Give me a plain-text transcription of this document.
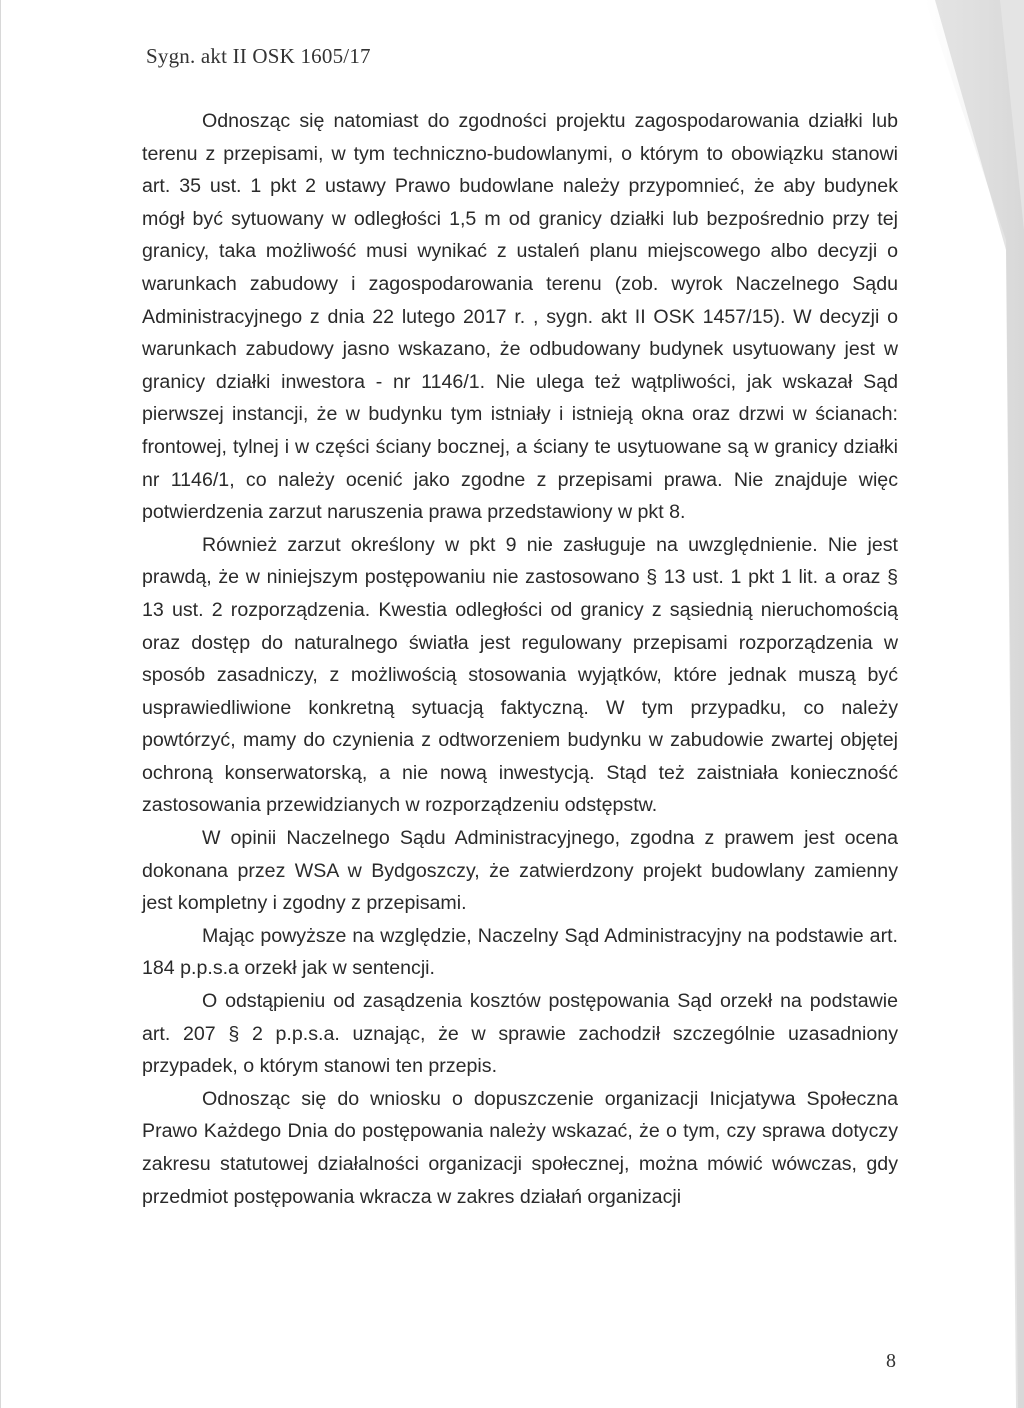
Sygn. akt II OSK 1605/17

Odnosząc się natomiast do zgodności projektu zagospodarowania działki lub terenu z przepisami, w tym techniczno-budowlanymi, o którym to obowiązku stanowi art. 35 ust. 1 pkt 2 ustawy Prawo budowlane należy przypomnieć, że aby budynek mógł być sytuowany w odległości 1,5 m od granicy działki lub bezpośrednio przy tej granicy, taka możliwość musi wynikać z ustaleń planu miejscowego albo decyzji o warunkach zabudowy i zagospodarowania terenu (zob. wyrok Naczelnego Sądu Administracyjnego z dnia 22 lutego 2017 r. , sygn. akt II OSK 1457/15). W decyzji o warunkach zabudowy jasno wskazano, że odbudowany budynek usytuowany jest w granicy działki inwestora - nr 1146/1. Nie ulega też wątpliwości, jak wskazał Sąd pierwszej instancji, że w budynku tym istniały i istnieją okna oraz drzwi w ścianach: frontowej, tylnej i w części ściany bocznej, a ściany te usytuowane są w granicy działki nr 1146/1, co należy ocenić jako zgodne z przepisami prawa. Nie znajduje więc potwierdzenia zarzut naruszenia prawa przedstawiony w pkt 8.

Również zarzut określony w pkt 9 nie zasługuje na uwzględnienie. Nie jest prawdą, że w niniejszym postępowaniu nie zastosowano § 13 ust. 1 pkt 1 lit. a oraz § 13 ust. 2 rozporządzenia. Kwestia odległości od granicy z sąsiednią nieruchomością oraz dostęp do naturalnego światła jest regulowany przepisami rozporządzenia w sposób zasadniczy, z możliwością stosowania wyjątków, które jednak muszą być usprawiedliwione konkretną sytuacją faktyczną. W tym przypadku, co należy powtórzyć, mamy do czynienia z odtworzeniem budynku w zabudowie zwartej objętej ochroną konserwatorską, a nie nową inwestycją. Stąd też zaistniała konieczność zastosowania przewidzianych w rozporządzeniu odstępstw.

W opinii Naczelnego Sądu Administracyjnego, zgodna z prawem jest ocena dokonana przez WSA w Bydgoszczy, że zatwierdzony projekt budowlany zamienny jest kompletny i zgodny z przepisami.

Mając powyższe na względzie, Naczelny Sąd Administracyjny na podstawie art. 184 p.p.s.a orzekł jak w sentencji.

O odstąpieniu od zasądzenia kosztów postępowania Sąd orzekł na podstawie art. 207 § 2 p.p.s.a. uznając, że w sprawie zachodził szczególnie uzasadniony przypadek, o którym stanowi ten przepis.

Odnosząc się do wniosku o dopuszczenie organizacji Inicjatywa Społeczna Prawo Każdego Dnia do postępowania należy wskazać, że o tym, czy sprawa dotyczy zakresu statutowej działalności organizacji społecznej, można mówić wówczas, gdy przedmiot postępowania wkracza w zakres działań organizacji

8
